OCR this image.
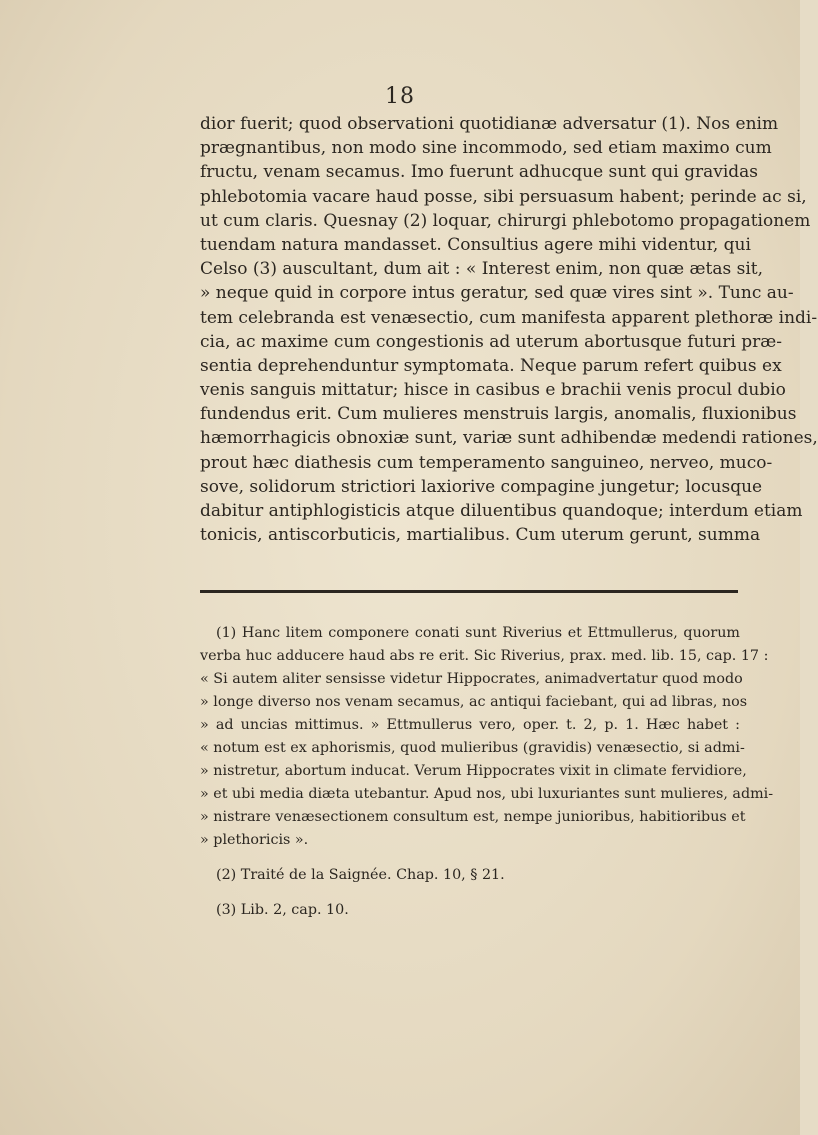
18
dior fuerit; quod observationi quotidianæ adversatur (1). Nos enim
prægnantibus, non modo sine incommodo, sed etiam maximo cum
fructu, venam secamus. Imo fuerunt adhucque sunt qui gravidas
phlebotomia vacare haud posse, sibi persuasum habent; perinde ac si,
ut cum claris. Quesnay (2) loquar, chirurgi phlebotomo propagationem
tuendam natura mandasset. Consultius agere mihi videntur, qui
Celso (3) auscultant, dum ait : « Interest enim, non quæ ætas sit,
» neque quid in corpore intus geratur, sed quæ vires sint ». Tunc au-
tem celebranda est venæsectio, cum manifesta apparent plethoræ indi-
cia, ac maxime cum congestionis ad uterum abortusque futuri præ-
sentia deprehenduntur symptomata. Neque parum refert quibus ex
venis sanguis mittatur; hisce in casibus e brachii venis procul dubio
fundendus erit. Cum mulieres menstruis largis, anomalis, fluxionibus
hæmorrhagicis obnoxiæ sunt, variæ sunt adhibendæ medendi rationes,
prout hæc diathesis cum temperamento sanguineo, nerveo, muco-
sove, solidorum strictiori laxiorive compagine jungetur; locusque
dabitur antiphlogisticis atque diluentibus quandoque; interdum etiam
tonicis, antiscorbuticis, martialibus. Cum uterum gerunt, summa
(1) Hanc litem componere conati sunt Riverius et Ettmullerus, quorum
verba huc adducere haud abs re erit. Sic Riverius, prax. med. lib. 15, cap. 17 :
« Si autem aliter sensisse videtur Hippocrates, animadvertatur quod modo
» longe diverso nos venam secamus, ac antiqui faciebant, qui ad libras, nos
» ad uncias mittimus. » Ettmullerus vero, oper. t. 2, p. 1. Hæc habet :
« notum est ex aphorismis, quod mulieribus (gravidis) venæsectio, si admi-
» nistretur, abortum inducat. Verum Hippocrates vixit in climate fervidiore,
» et ubi media diæta utebantur. Apud nos, ubi luxuriantes sunt mulieres, admi-
» nistrare venæsectionem consultum est, nempe junioribus, habitioribus et
» plethoricis ».
(2) Traité de la Saignée. Chap. 10, § 21.
(3) Lib. 2, cap. 10.
